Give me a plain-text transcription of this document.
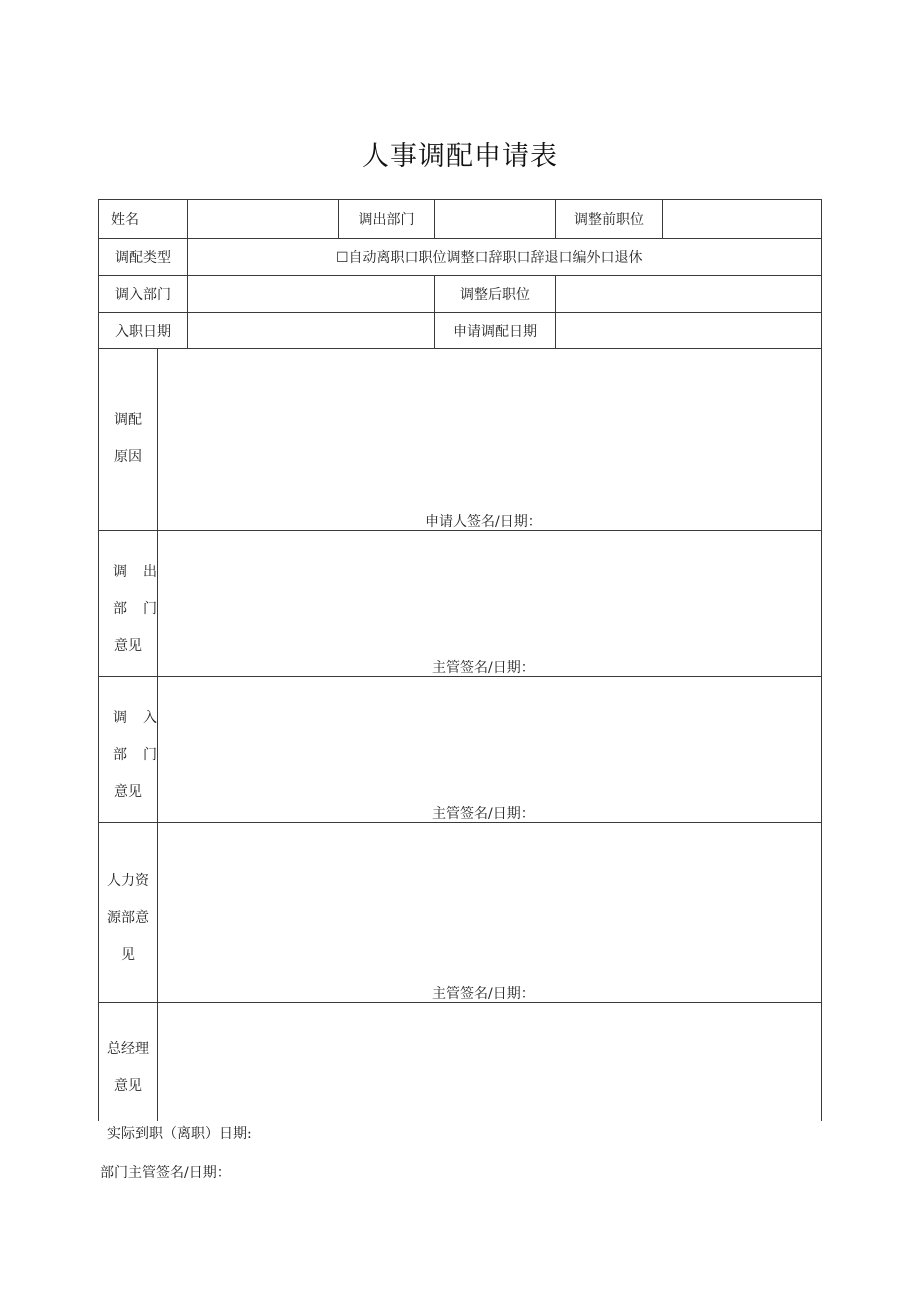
人事调配申请表
姓名	调出部门	调整前职位
调配类型	☐自动离职口职位调整口辞职口辞退口编外口退休
调入部门	调整后职位
入职日期	申请调配日期
调配
原因
申请人签名/日期：
调 出
部 门
意见
主管签名/日期：
调 入
部 门
意见
主管签名/日期：
人力资
源部意
见
主管签名/日期：
总经理
意见
实际到职（离职）日期:
部门主管签名/日期：
